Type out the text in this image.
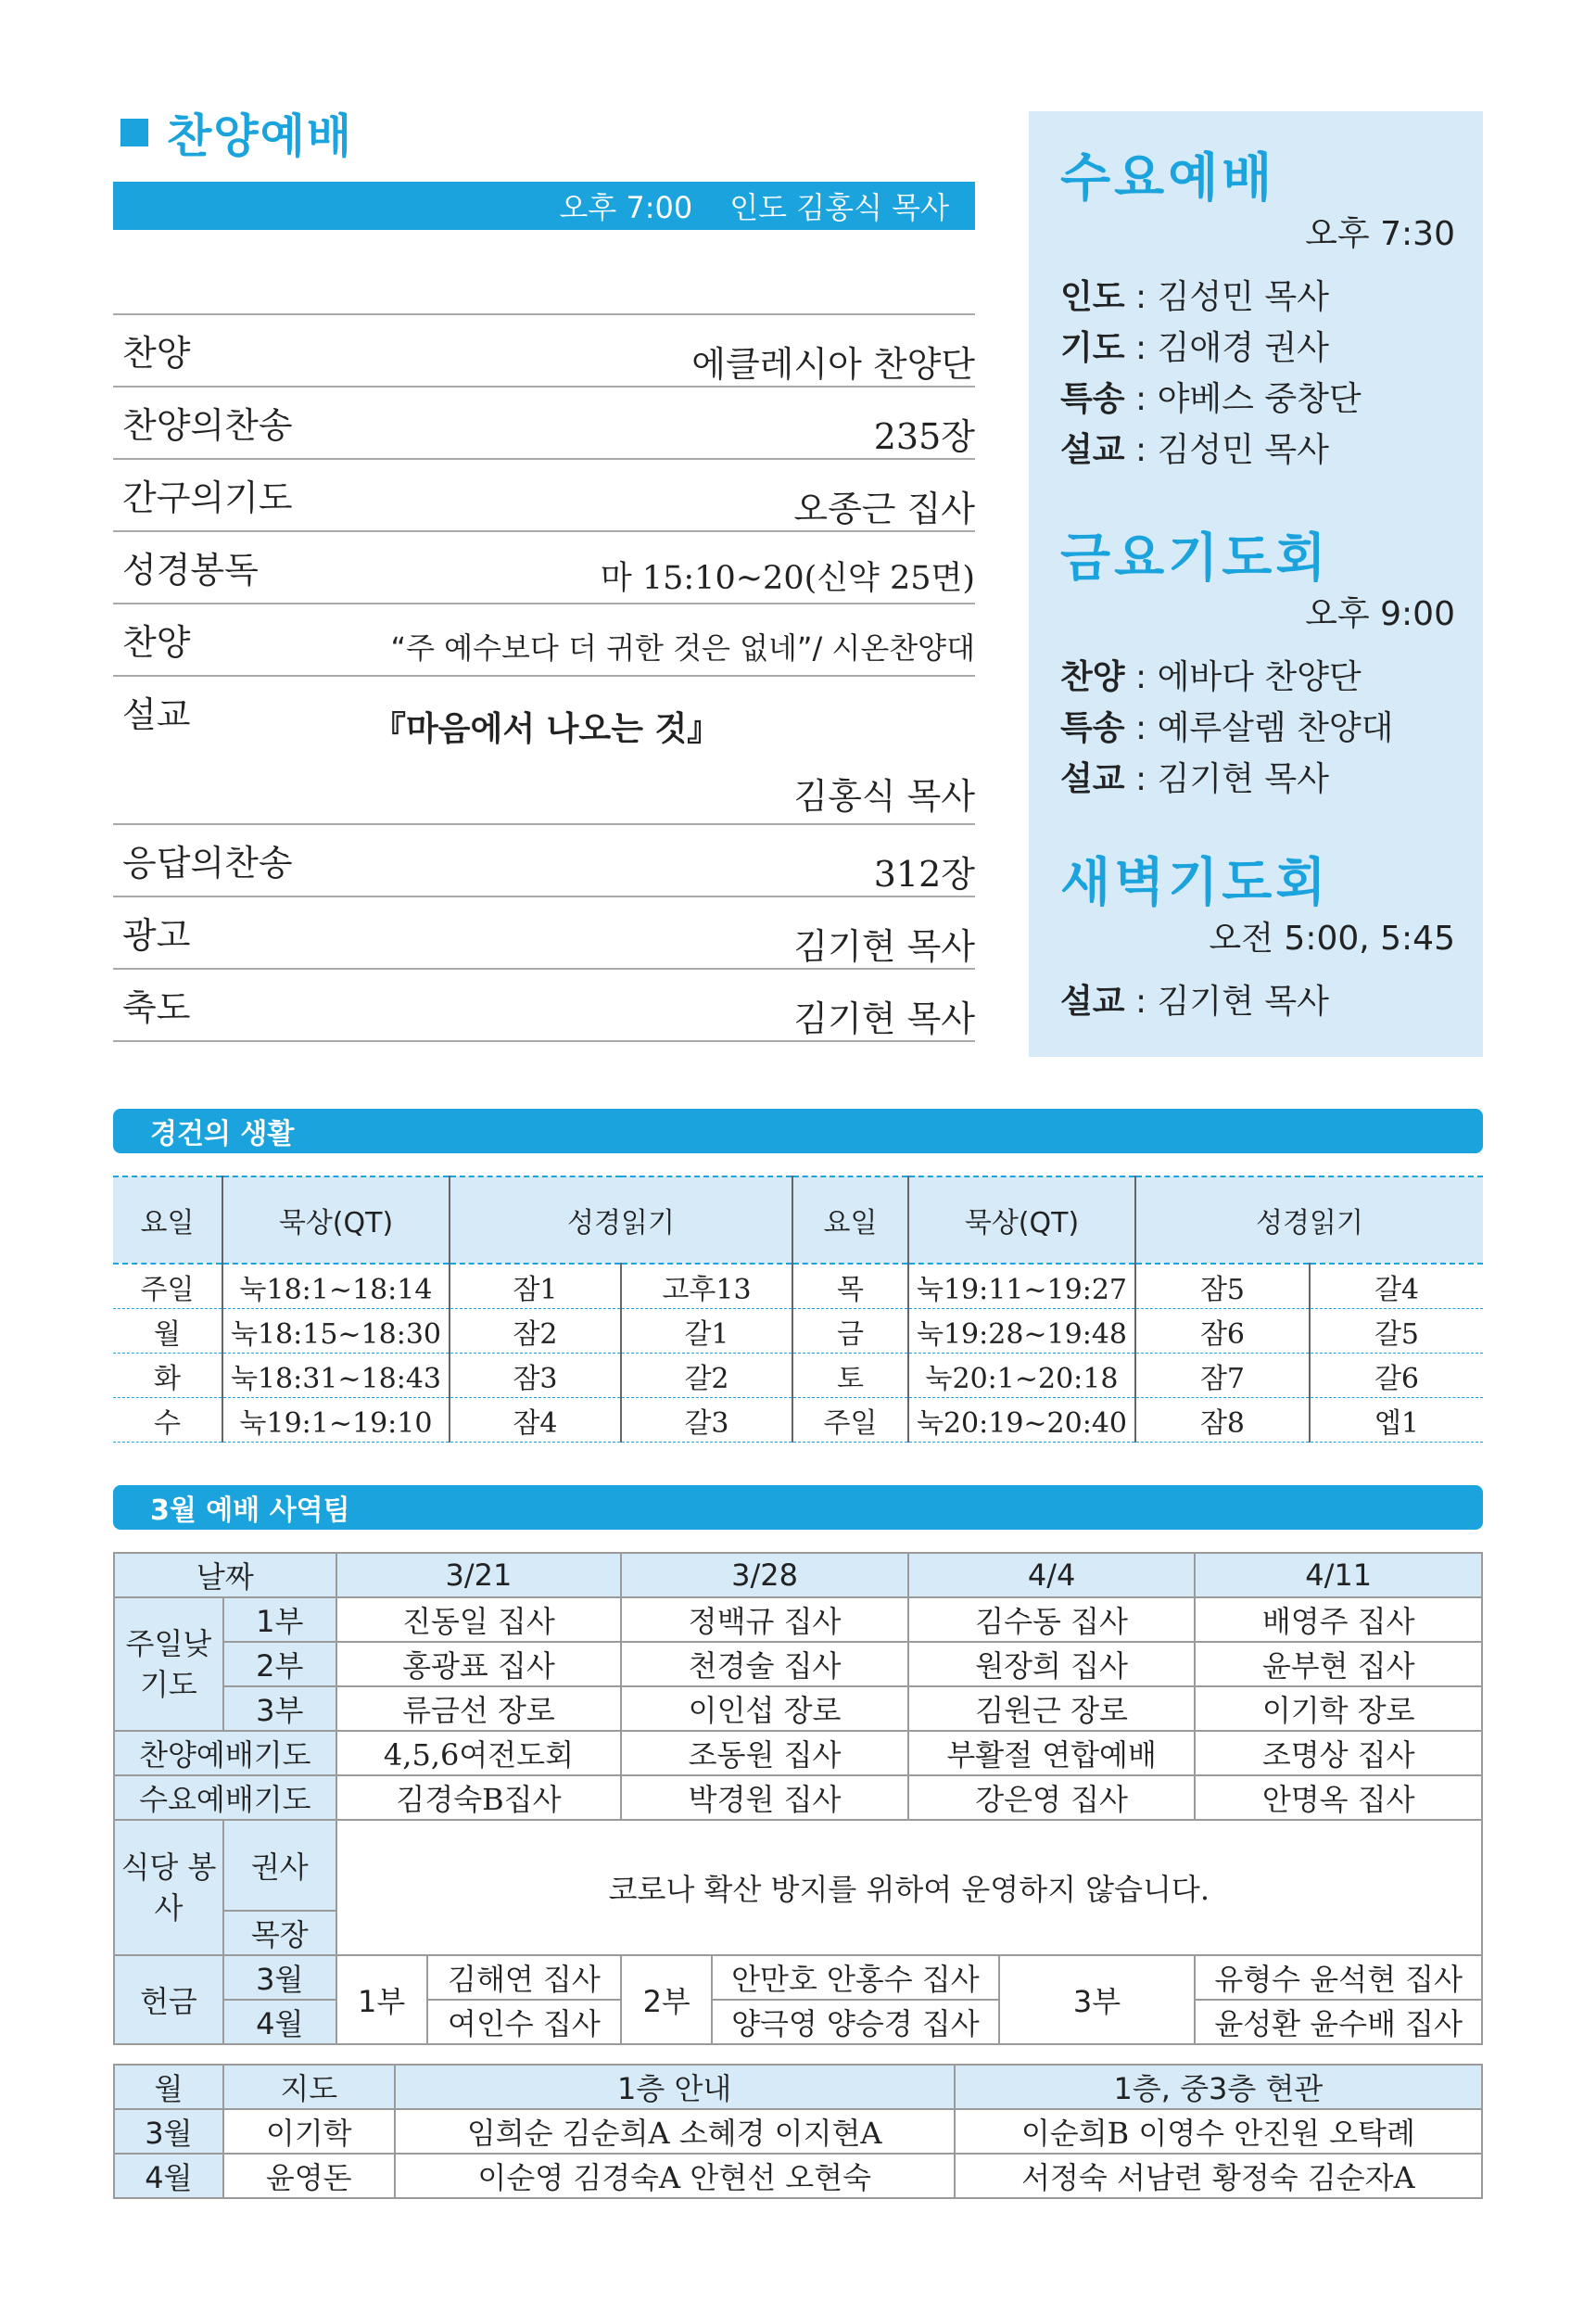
찬양예배
오후 7:00 인도 김홍식 목사
찬양	에클레시아 찬양단
찬양의찬송	235장
간구의기도	오종근 집사
성경봉독	마 15:10~20(신약 25면)
찬양	“주 예수보다 더 귀한 것은 없네”/ 시온찬양대
설교	『마음에서 나오는 것』
김홍식 목사
응답의찬송	312장
광고	김기현 목사
축도	김기현 목사
수요예배
오후 7:30
인도 : 김성민 목사
기도 : 김애경 권사
특송 : 야베스 중창단
설교 : 김성민 목사
금요기도회
오후 9:00
찬양 : 에바다 찬양단
특송 : 예루살렘 찬양대
설교 : 김기현 목사
새벽기도회
오전 5:00, 5:45
설교 : 김기현 목사
경건의 생활
요일	묵상(QT)	성경읽기		요일	묵상(QT)	성경읽기	
주일	눅18:1~18:14	잠1	고후13	목	눅19:11~19:27	잠5	갈4
월	눅18:15~18:30	잠2	갈1	금	눅19:28~19:48	잠6	갈5
화	눅18:31~18:43	잠3	갈2	토	눅20:1~20:18	잠7	갈6
수	눅19:1~19:10	잠4	갈3	주일	눅20:19~20:40	잠8	엡1
3월 예배 사역팀
날짜		3/21		3/28		4/4		4/11
주일낮 기도	1부	진동일 집사		정백규 집사		김수동 집사		배영주 집사
	2부	홍광표 집사		천경술 집사		원장희 집사		윤부현 집사
	3부	류금선 장로		이인섭 장로		김원근 장로		이기학 장로
찬양예배기도		4,5,6여전도회		조동원 집사		부활절 연합예배		조명상 집사
수요예배기도		김경숙B집사		박경원 집사		강은영 집사		안명옥 집사
식당 봉사	권사	코로나 확산 방지를 위하여 운영하지 않습니다.						
	목장							
헌금	3월	1부	김해연 집사	2부	안만호 안홍수 집사		3부	유형수 윤석현 집사
	4월		여인수 집사		양극영 양승경 집사			윤성환 윤수배 집사
월	지도	1층 안내	1층, 중3층 현관
3월	이기학	임희순 김순희A 소혜경 이지현A	이순희B 이영수 안진원 오탁례
4월	윤영돈	이순영 김경숙A 안현선 오현숙	서정숙 서남련 황정숙 김순자A
